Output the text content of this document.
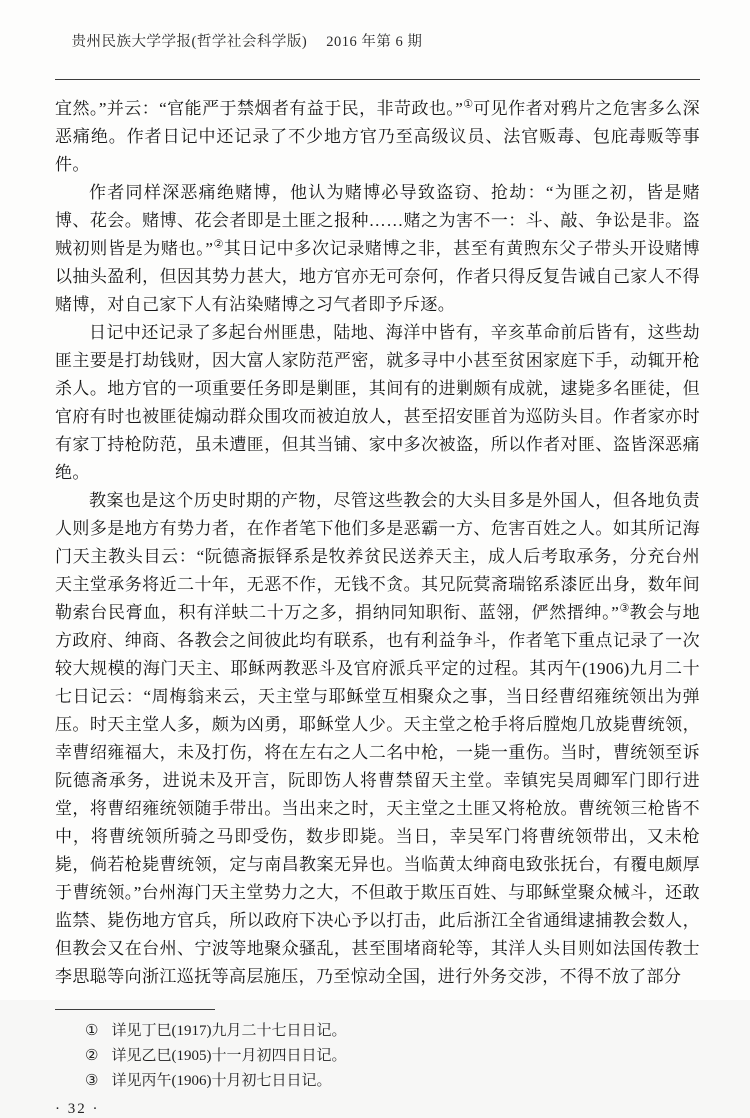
贵州民族大学学报(哲学社会科学版)　 2016 年第 6 期

宜然。”并云：“官能严于禁烟者有益于民，非苛政也。”①可见作者对鸦片之危害多么深恶痛绝。作者日记中还记录了不少地方官乃至高级议员、法官贩毒、包庇毒贩等事件。

作者同样深恶痛绝赌博，他认为赌博必导致盗窃、抢劫：“为匪之初，皆是赌博、花会。赌博、花会者即是土匪之报种……赌之为害不一：斗、敲、争讼是非。盗贼初则皆是为赌也。”②其日记中多次记录赌博之非，甚至有黄煦东父子带头开设赌博以抽头盈利，但因其势力甚大，地方官亦无可奈何，作者只得反复告诫自己家人不得赌博，对自己家下人有沾染赌博之习气者即予斥逐。

日记中还记录了多起台州匪患，陆地、海洋中皆有，辛亥革命前后皆有，这些劫匪主要是打劫钱财，因大富人家防范严密，就多寻中小甚至贫困家庭下手，动辄开枪杀人。地方官的一项重要任务即是剿匪，其间有的进剿颇有成就，逮毙多名匪徒，但官府有时也被匪徒煽动群众围攻而被迫放人，甚至招安匪首为巡防头目。作者家亦时有家丁持枪防范，虽未遭匪，但其当铺、家中多次被盗，所以作者对匪、盗皆深恶痛绝。

教案也是这个历史时期的产物，尽管这些教会的大头目多是外国人，但各地负责人则多是地方有势力者，在作者笔下他们多是恶霸一方、危害百姓之人。如其所记海门天主教头目云：“阮德斋振铎系是牧养贫民送养天主，成人后考取承务，分充台州天主堂承务将近二十年，无恶不作，无钱不贪。其兄阮蓂斋瑞铭系漆匠出身，数年间勒索台民膏血，积有洋蚨二十万之多，捐纳同知职衔、蓝翎，俨然搢绅。”③教会与地方政府、绅商、各教会之间彼此均有联系，也有利益争斗，作者笔下重点记录了一次较大规模的海门天主、耶稣两教恶斗及官府派兵平定的过程。其丙午(1906)九月二十七日记云：“周梅翁来云，天主堂与耶稣堂互相聚众之事，当日经曹绍雍统领出为弹压。时天主堂人多，颇为凶勇，耶稣堂人少。天主堂之枪手将后膛炮几放毙曹统领，幸曹绍雍福大，未及打伤，将在左右之人二名中枪，一毙一重伤。当时，曹统领至诉阮德斋承务，进说未及开言，阮即饬人将曹禁留天主堂。幸镇宪吴周卿军门即行进堂，将曹绍雍统领随手带出。当出来之时，天主堂之土匪又将枪放。曹统领三枪皆不中，将曹统领所骑之马即受伤，数步即毙。当日，幸吴军门将曹统领带出，又未枪毙，倘若枪毙曹统领，定与南昌教案无异也。当临黄太绅商电致张抚台，有覆电颇厚于曹统领。”台州海门天主堂势力之大，不但敢于欺压百姓、与耶稣堂聚众械斗，还敢监禁、毙伤地方官兵，所以政府下决心予以打击，此后浙江全省通缉逮捕教会数人，但教会又在台州、宁波等地聚众骚乱，甚至围堵商轮等，其洋人头目则如法国传教士李思聪等向浙江巡抚等高层施压，乃至惊动全国，进行外务交涉，不得不放了部分

① 详见丁巳(1917)九月二十七日日记。
② 详见乙巳(1905)十一月初四日日记。
③ 详见丙午(1906)十月初七日日记。
· 32 ·
